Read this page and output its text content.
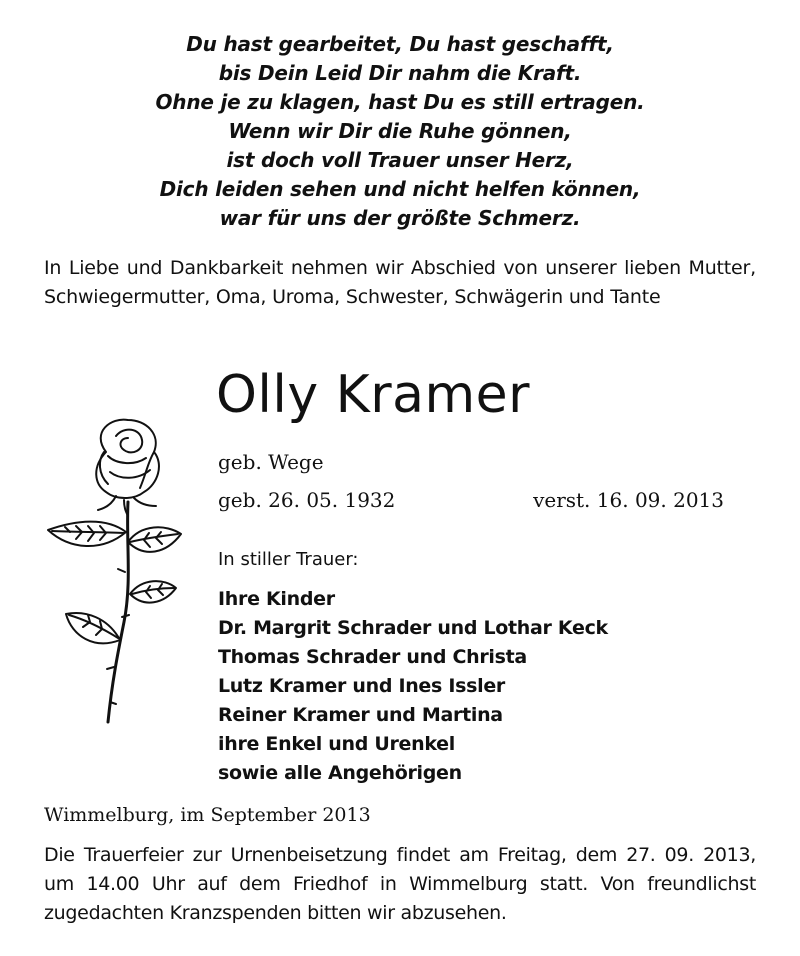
Du hast gearbeitet, Du hast geschafft,
bis Dein Leid Dir nahm die Kraft.
Ohne je zu klagen, hast Du es still ertragen.
Wenn wir Dir die Ruhe gönnen,
ist doch voll Trauer unser Herz,
Dich leiden sehen und nicht helfen können,
war für uns der größte Schmerz.
In Liebe und Dankbarkeit nehmen wir Abschied von unserer lieben Mutter, Schwiegermutter, Oma, Uroma, Schwester, Schwägerin und Tante
Olly Kramer
geb. Wege
geb. 26. 05. 1932	verst. 16. 09. 2013
In stiller Trauer:
Ihre Kinder
Dr. Margrit Schrader und Lothar Keck
Thomas Schrader und Christa
Lutz Kramer und Ines Issler
Reiner Kramer und Martina
ihre Enkel und Urenkel
sowie alle Angehörigen
Wimmelburg, im September 2013
Die Trauerfeier zur Urnenbeisetzung findet am Freitag, dem 27. 09. 2013, um 14.00 Uhr auf dem Friedhof in Wimmelburg statt. Von freundlichst zugedachten Kranzspenden bitten wir abzusehen.
